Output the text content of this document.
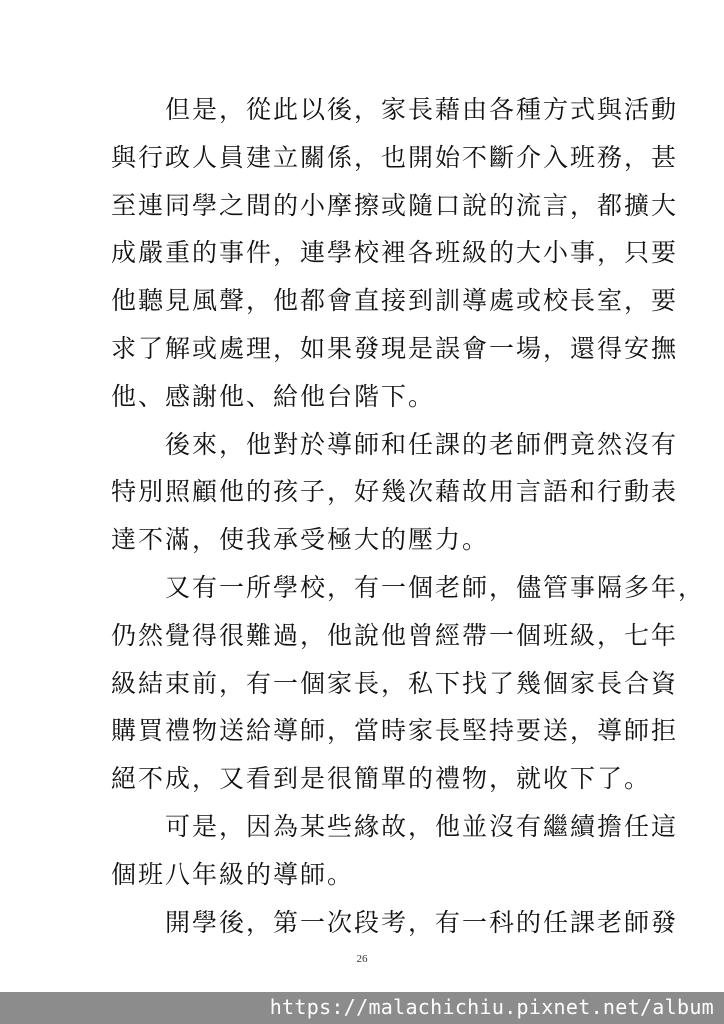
　　但是，從此以後，家長藉由各種方式與活動
與行政人員建立關係，也開始不斷介入班務，甚
至連同學之間的小摩擦或隨口說的流言，都擴大
成嚴重的事件，連學校裡各班級的大小事，只要
他聽見風聲，他都會直接到訓導處或校長室，要
求了解或處理，如果發現是誤會一場，還得安撫
他、感謝他、給他台階下。
　　後來，他對於導師和任課的老師們竟然沒有
特別照顧他的孩子，好幾次藉故用言語和行動表
達不滿，使我承受極大的壓力。
　　又有一所學校，有一個老師，儘管事隔多年，
仍然覺得很難過，他說他曾經帶一個班級，七年
級結束前，有一個家長，私下找了幾個家長合資
購買禮物送給導師，當時家長堅持要送，導師拒
絕不成，又看到是很簡單的禮物，就收下了。
　　可是，因為某些緣故，他並沒有繼續擔任這
個班八年級的導師。
　　開學後，第一次段考，有一科的任課老師發
26
https://malachichiu.pixnet.net/album
